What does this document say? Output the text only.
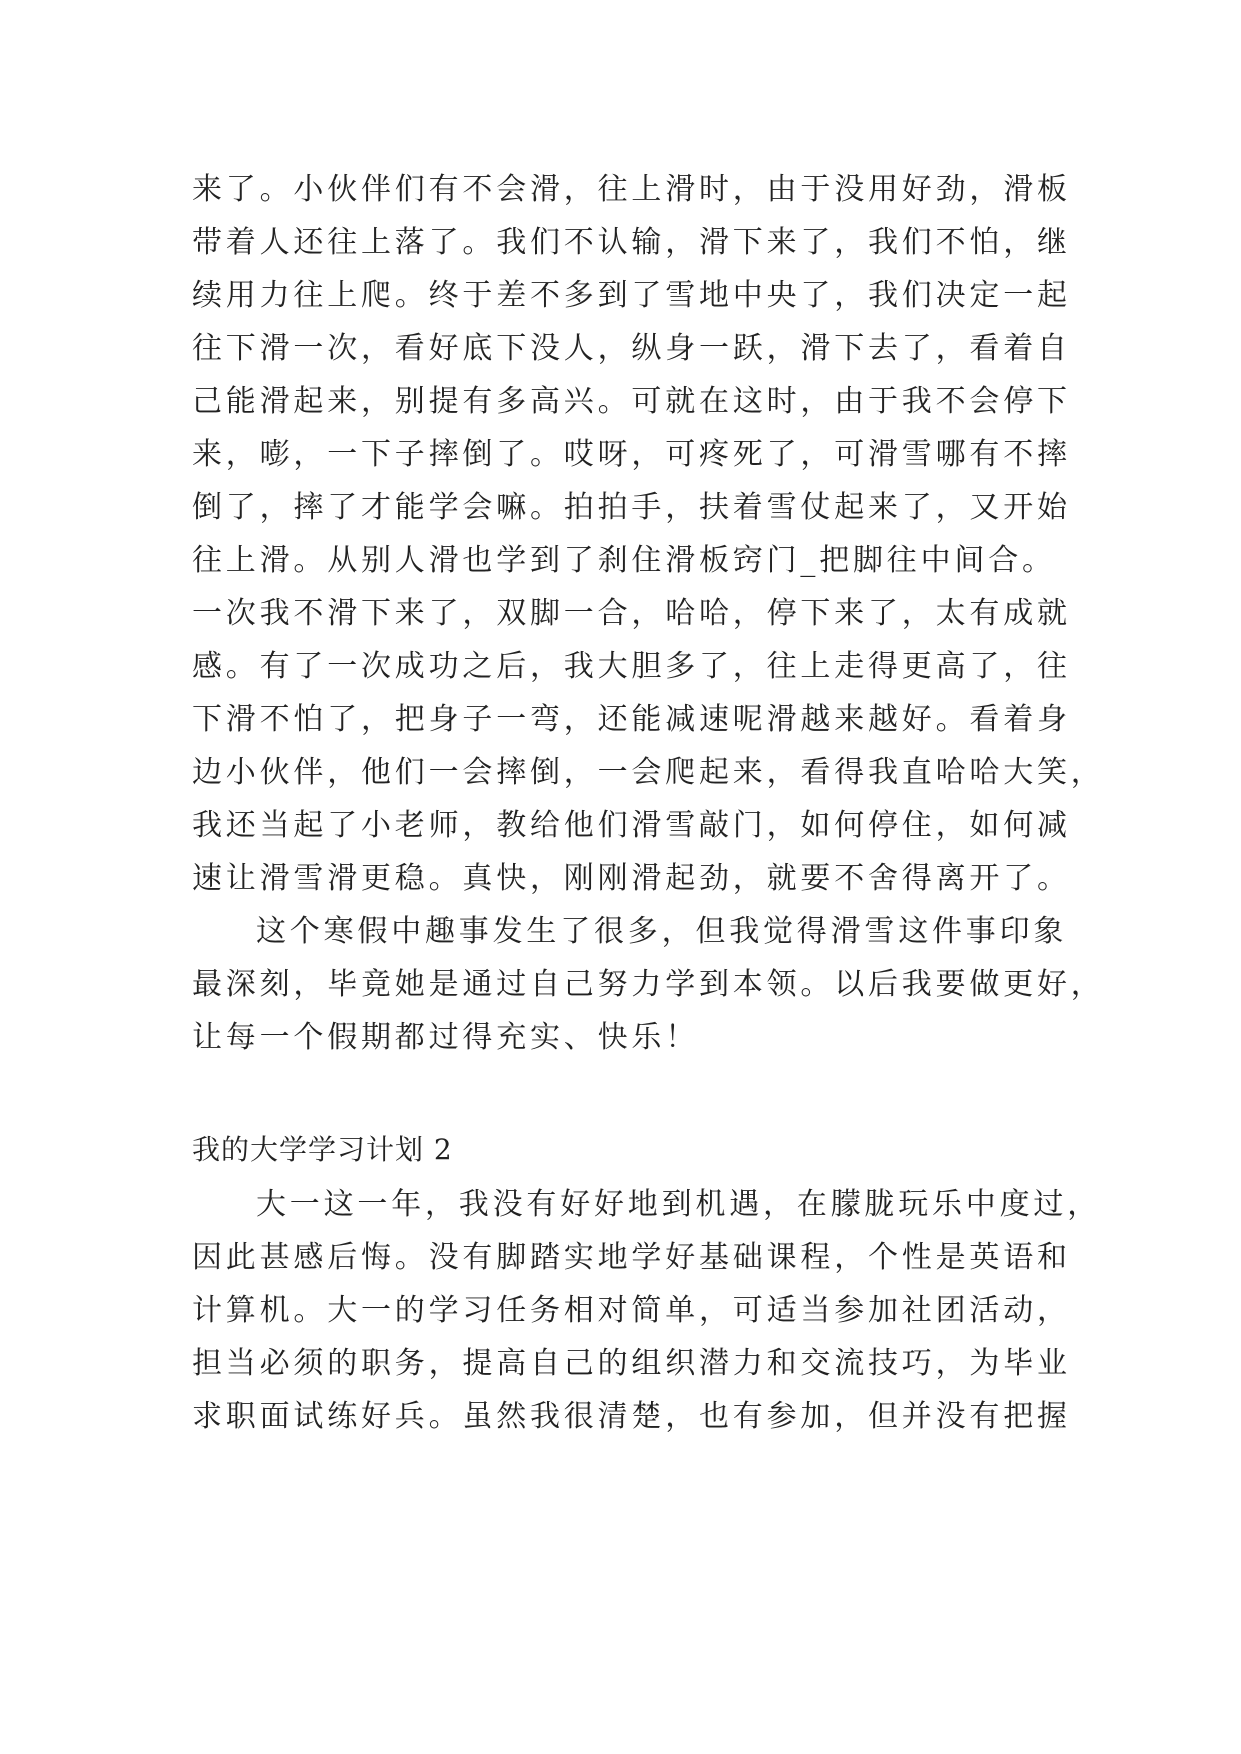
来了。小伙伴们有不会滑，往上滑时，由于没用好劲，滑板
带着人还往上落了。我们不认输，滑下来了，我们不怕，继
续用力往上爬。终于差不多到了雪地中央了，我们决定一起
往下滑一次，看好底下没人，纵身一跃，滑下去了，看着自
己能滑起来，别提有多高兴。可就在这时，由于我不会停下
来，嘭，一下子摔倒了。哎呀，可疼死了，可滑雪哪有不摔
倒了，摔了才能学会嘛。拍拍手，扶着雪仗起来了，又开始
往上滑。从别人滑也学到了刹住滑板窍门_把脚往中间合。
一次我不滑下来了，双脚一合，哈哈，停下来了，太有成就
感。有了一次成功之后，我大胆多了，往上走得更高了，往
下滑不怕了，把身子一弯，还能减速呢滑越来越好。看着身
边小伙伴，他们一会摔倒，一会爬起来，看得我直哈哈大笑，
我还当起了小老师，教给他们滑雪敲门，如何停住，如何减
速让滑雪滑更稳。真快，刚刚滑起劲，就要不舍得离开了。
这个寒假中趣事发生了很多，但我觉得滑雪这件事印象
最深刻，毕竟她是通过自己努力学到本领。以后我要做更好，
让每一个假期都过得充实、快乐！
我的大学学习计划 2
大一这一年，我没有好好地到机遇，在朦胧玩乐中度过，
因此甚感后悔。没有脚踏实地学好基础课程，个性是英语和
计算机。大一的学习任务相对简单，可适当参加社团活动，
担当必须的职务，提高自己的组织潜力和交流技巧，为毕业
求职面试练好兵。虽然我很清楚，也有参加，但并没有把握
